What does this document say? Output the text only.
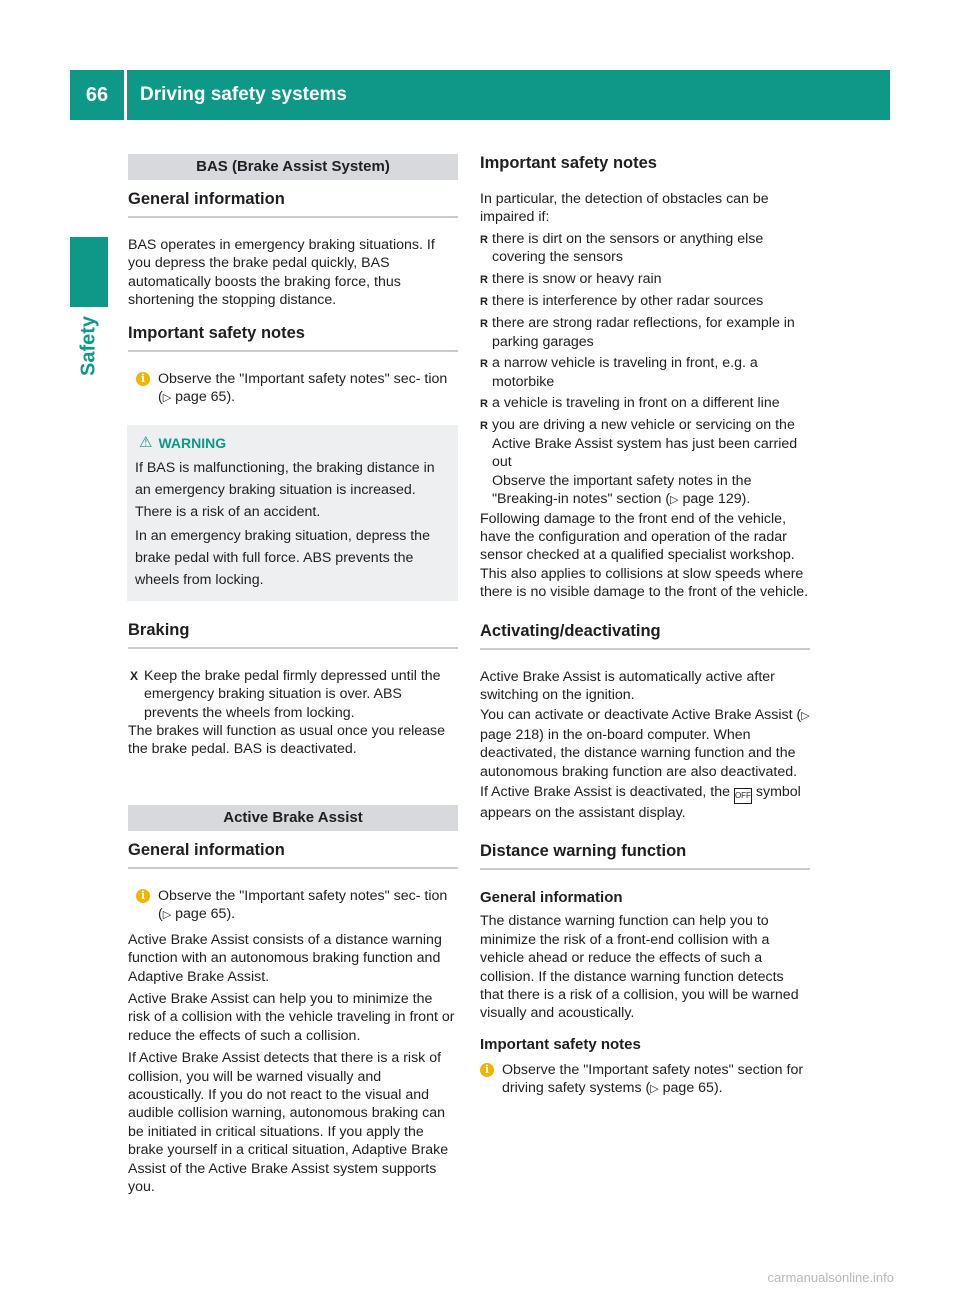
66	Driving safety systems
Safety
BAS (Brake Assist System)
General information

BAS operates in emergency braking situations. If you depress the brake pedal quickly, BAS automatically boosts the braking force, thus shortening the stopping distance.

Important safety notes
i Observe the "Important safety notes" sec- tion (▷ page 65).

⚠ WARNING

If BAS is malfunctioning, the braking distance in an emergency braking situation is increased. There is a risk of an accident.

In an emergency braking situation, depress the brake pedal with full force. ABS prevents the wheels from locking.

Braking
X Keep the brake pedal firmly depressed until the emergency braking situation is over. ABS prevents the wheels from locking.

The brakes will function as usual once you release the brake pedal. BAS is deactivated.

Active Brake Assist
General information
i Observe the "Important safety notes" sec- tion (▷ page 65).

Active Brake Assist consists of a distance warning function with an autonomous braking function and Adaptive Brake Assist.

Active Brake Assist can help you to minimize the risk of a collision with the vehicle traveling in front or reduce the effects of such a collision.

If Active Brake Assist detects that there is a risk of collision, you will be warned visually and acoustically. If you do not react to the visual and audible collision warning, autonomous braking can be initiated in critical situations. If you apply the brake yourself in a critical situation, Adaptive Brake Assist of the Active Brake Assist system supports you.

Important safety notes

In particular, the detection of obstacles can be impaired if:

R there is dirt on the sensors or anything else covering the sensors

R there is snow or heavy rain

R there is interference by other radar sources

R there are strong radar reflections, for example in parking garages

R a narrow vehicle is traveling in front, e.g. a motorbike

R a vehicle is traveling in front on a different line

R you are driving a new vehicle or servicing on the Active Brake Assist system has just been carried out

Observe the important safety notes in the "Breaking-in notes" section (▷ page 129).

Following damage to the front end of the vehicle, have the configuration and operation of the radar sensor checked at a qualified specialist workshop. This also applies to collisions at slow speeds where there is no visible damage to the front of the vehicle.

Activating/deactivating

Active Brake Assist is automatically active after switching on the ignition.

You can activate or deactivate Active Brake Assist (▷ page 218) in the on-board computer. When deactivated, the distance warning function and the autonomous braking function are also deactivated.

If Active Brake Assist is deactivated, the OFF symbol appears on the assistant display.

Distance warning function
General information

The distance warning function can help you to minimize the risk of a front-end collision with a vehicle ahead or reduce the effects of such a collision. If the distance warning function detects that there is a risk of a collision, you will be warned visually and acoustically.

Important safety notes
i Observe the "Important safety notes" section for driving safety systems (▷ page 65).

carmanualsonline.info
